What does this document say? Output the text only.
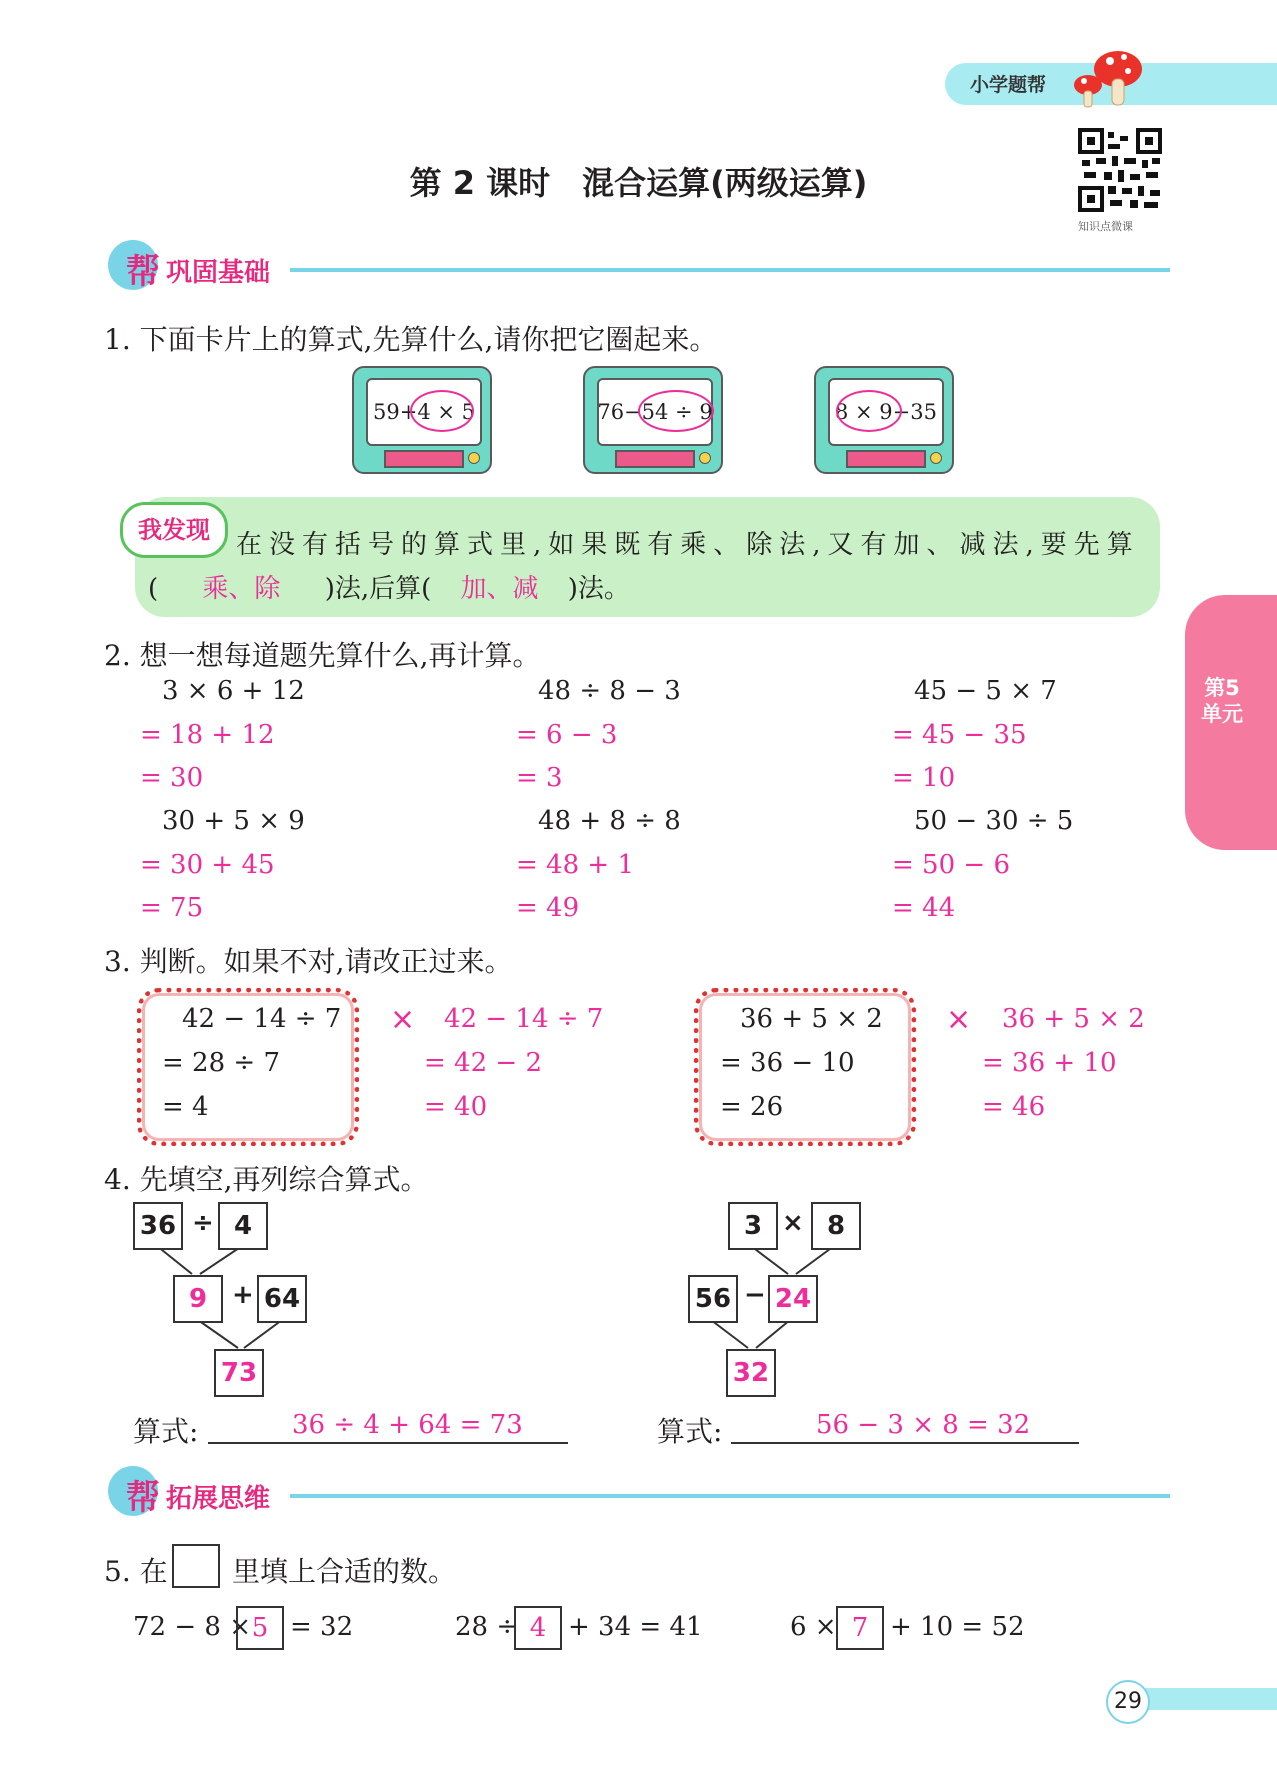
小学题帮
第 2 课时　混合运算(两级运算)
知识点微课
第5单元
帮 巩固基础
1. 下面卡片上的算式,先算什么,请你把它圈起来。
59+4 × 5	76−54 ÷ 9	8 × 9−35
我发现	在没有括号的算式里,如果既有乘、除法,又有加、减法,要先算
( 乘、除 )法,后算( 加、减 )法。
2. 想一想每道题先算什么,再计算。
3 × 6 + 12
= 18 + 12
= 30
48 ÷ 8 − 3
= 6 − 3
= 3
45 − 5 × 7
= 45 − 35
= 10
30 + 5 × 9
= 30 + 45
= 75
48 + 8 ÷ 8
= 48 + 1
= 49
50 − 30 ÷ 5
= 50 − 6
= 44
3. 判断。如果不对,请改正过来。
42 − 14 ÷ 7
= 28 ÷ 7
= 4
× 42 − 14 ÷ 7
= 42 − 2
= 40
36 + 5 × 2
= 36 − 10
= 26
× 36 + 5 × 2
= 36 + 10
= 46
4. 先填空,再列综合算式。
36 ÷ 4
9 + 64
73
算式:	36 ÷ 4 + 64 = 73
3 × 8
56 − 24
32
算式:	56 − 3 × 8 = 32
帮 拓展思维
5. 在 里填上合适的数。
72 − 8 × 5 = 32	28 ÷ 4 + 34 = 41	6 × 7 + 10 = 52
29
